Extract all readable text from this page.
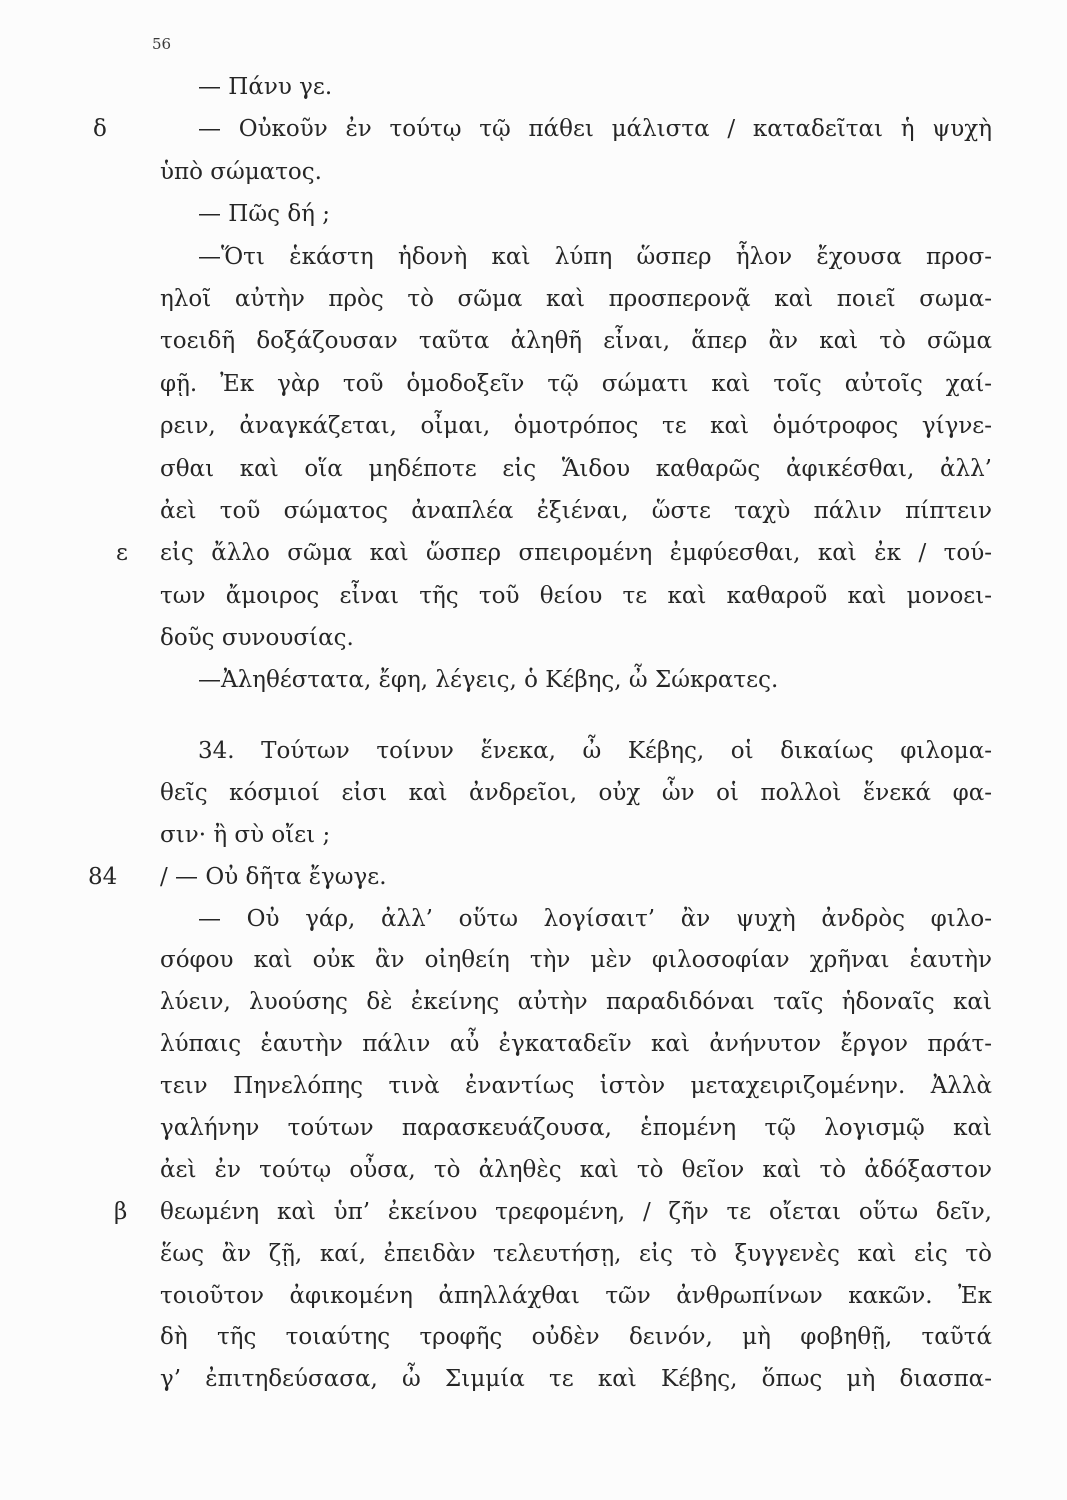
56
— Πάνυ γε.
δ	— Οὐκοῦν ἐν τούτῳ τῷ πάθει μάλιστα / καταδεῖται ἡ ψυχὴ
ὑπὸ σώματος.
— Πῶς δή ;
—Ὅτι ἑκάστη ἡδονὴ καὶ λύπη ὥσπερ ἧλον ἔχουσα προσ-
ηλοῖ αὐτὴν πρὸς τὸ σῶμα καὶ προσπερονᾷ καὶ ποιεῖ σωμα-
τοειδῆ δοξάζουσαν ταῦτα ἀληθῆ εἶναι, ἅπερ ἂν καὶ τὸ σῶμα
φῇ. Ἐκ γὰρ τοῦ ὁμοδοξεῖν τῷ σώματι καὶ τοῖς αὐτοῖς χαί-
ρειν, ἀναγκάζεται, οἶμαι, ὁμοτρόπος τε καὶ ὁμότροφος γίγνε-
σθαι καὶ οἵα μηδέποτε εἰς Ἅιδου καθαρῶς ἀφικέσθαι, ἀλλ’
ἀεὶ τοῦ σώματος ἀναπλέα ἐξιέναι, ὥστε ταχὺ πάλιν πίπτειν
ε εἰς ἄλλο σῶμα καὶ ὥσπερ σπειρομένη ἐμφύεσθαι, καὶ ἐκ / τού-
των ἄμοιρος εἶναι τῆς τοῦ θείου τε καὶ καθαροῦ καὶ μονοει-
δοῦς συνουσίας.
—Ἀληθέστατα, ἔφη, λέγεις, ὁ Κέβης, ὦ Σώκρατες.
34. Τούτων τοίνυν ἕνεκα, ὦ Κέβης, οἱ δικαίως φιλομα-
θεῖς κόσμιοί εἰσι καὶ ἀνδρεῖοι, οὐχ ὧν οἱ πολλοὶ ἕνεκά φα-
σιν· ἢ σὺ οἴει ;
84 / — Οὐ δῆτα ἔγωγε.
— Οὐ γάρ, ἀλλ’ οὕτω λογίσαιτ’ ἂν ψυχὴ ἀνδρὸς φιλο-
σόφου καὶ οὐκ ἂν οἰηθείη τὴν μὲν φιλοσοφίαν χρῆναι ἑαυτὴν
λύειν, λυούσης δὲ ἐκείνης αὐτὴν παραδιδόναι ταῖς ἡδοναῖς καὶ
λύπαις ἑαυτὴν πάλιν αὖ ἐγκαταδεῖν καὶ ἀνήνυτον ἔργον πράτ-
τειν Πηνελόπης τινὰ ἐναντίως ἱστὸν μεταχειριζομένην. Ἀλλὰ
γαλήνην τούτων παρασκευάζουσα, ἑπομένη τῷ λογισμῷ καὶ
ἀεὶ ἐν τούτῳ οὖσα, τὸ ἀληθὲς καὶ τὸ θεῖον καὶ τὸ ἀδόξαστον
β θεωμένη καὶ ὑπ’ ἐκείνου τρεφομένη, / ζῆν τε οἴεται οὕτω δεῖν,
ἕως ἂν ζῇ, καί, ἐπειδὰν τελευτήσῃ, εἰς τὸ ξυγγενὲς καὶ εἰς τὸ
τοιοῦτον ἀφικομένη ἀπηλλάχθαι τῶν ἀνθρωπίνων κακῶν. Ἐκ
δὴ τῆς τοιαύτης τροφῆς οὐδὲν δεινόν, μὴ φοβηθῇ, ταῦτά
γ’ ἐπιτηδεύσασα, ὦ Σιμμία τε καὶ Κέβης, ὅπως μὴ διασπα-
